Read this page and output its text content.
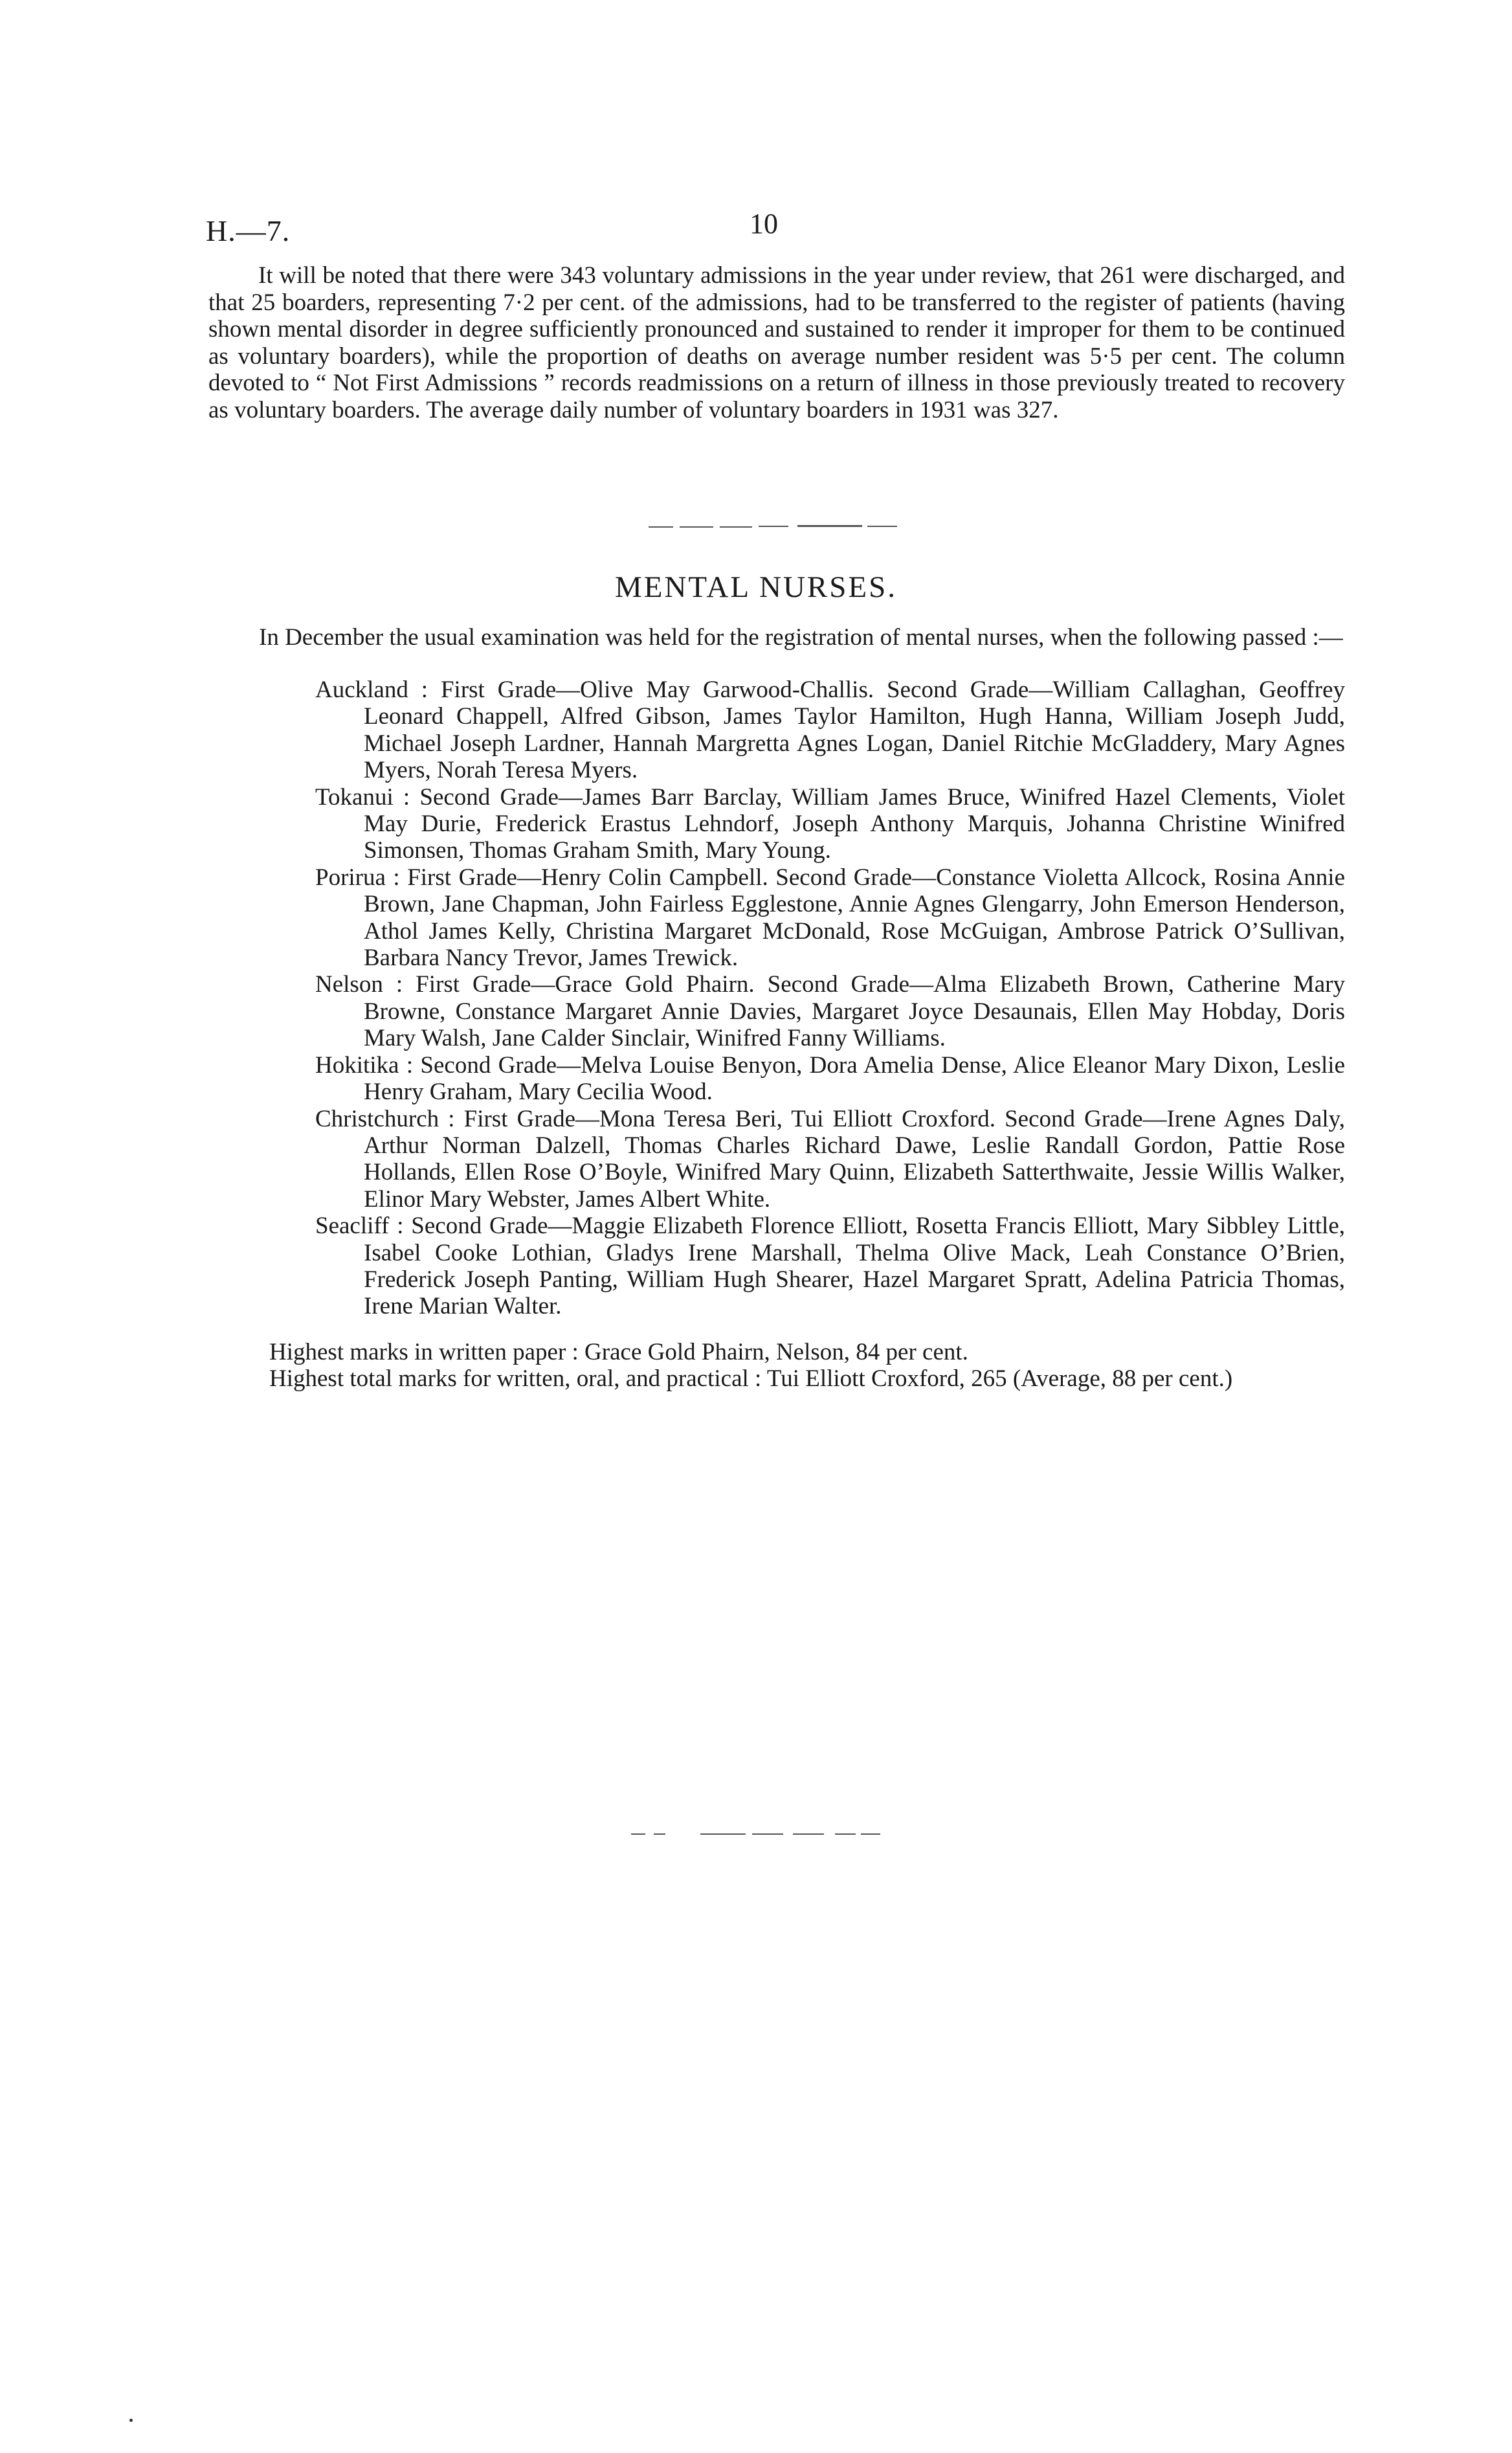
H.—7.	10

It will be noted that there were 343 voluntary admissions in the year under review, that 261 were discharged, and that 25 boarders, representing 7·2 per cent. of the admissions, had to be transferred to the register of patients (having shown mental disorder in degree sufficiently pronounced and sustained to render it improper for them to be continued as voluntary boarders), while the proportion of deaths on average number resident was 5·5 per cent. The column devoted to “ Not First Admissions ” records readmissions on a return of illness in those previously treated to recovery as voluntary boarders. The average daily number of voluntary boarders in 1931 was 327.

MENTAL NURSES.

In December the usual examination was held for the registration of mental nurses, when the following passed :—

Auckland : First Grade—Olive May Garwood-Challis. Second Grade—William Callaghan, Geoffrey Leonard Chappell, Alfred Gibson, James Taylor Hamilton, Hugh Hanna, William Joseph Judd, Michael Joseph Lardner, Hannah Margretta Agnes Logan, Daniel Ritchie McGladdery, Mary Agnes Myers, Norah Teresa Myers.

Tokanui : Second Grade—James Barr Barclay, William James Bruce, Winifred Hazel Clements, Violet May Durie, Frederick Erastus Lehndorf, Joseph Anthony Marquis, Johanna Christine Winifred Simonsen, Thomas Graham Smith, Mary Young.

Porirua : First Grade—Henry Colin Campbell. Second Grade—Constance Violetta Allcock, Rosina Annie Brown, Jane Chapman, John Fairless Egglestone, Annie Agnes Glengarry, John Emerson Henderson, Athol James Kelly, Christina Margaret McDonald, Rose McGuigan, Ambrose Patrick O’Sullivan, Barbara Nancy Trevor, James Trewick.

Nelson : First Grade—Grace Gold Phairn. Second Grade—Alma Elizabeth Brown, Catherine Mary Browne, Constance Margaret Annie Davies, Margaret Joyce Desaunais, Ellen May Hobday, Doris Mary Walsh, Jane Calder Sinclair, Winifred Fanny Williams.

Hokitika : Second Grade—Melva Louise Benyon, Dora Amelia Dense, Alice Eleanor Mary Dixon, Leslie Henry Graham, Mary Cecilia Wood.

Christchurch : First Grade—Mona Teresa Beri, Tui Elliott Croxford. Second Grade—Irene Agnes Daly, Arthur Norman Dalzell, Thomas Charles Richard Dawe, Leslie Randall Gordon, Pattie Rose Hollands, Ellen Rose O’Boyle, Winifred Mary Quinn, Elizabeth Satterthwaite, Jessie Willis Walker, Elinor Mary Webster, James Albert White.

Seacliff : Second Grade—Maggie Elizabeth Florence Elliott, Rosetta Francis Elliott, Mary Sibbley Little, Isabel Cooke Lothian, Gladys Irene Marshall, Thelma Olive Mack, Leah Constance O’Brien, Frederick Joseph Panting, William Hugh Shearer, Hazel Margaret Spratt, Adelina Patricia Thomas, Irene Marian Walter.

Highest marks in written paper : Grace Gold Phairn, Nelson, 84 per cent.

Highest total marks for written, oral, and practical : Tui Elliott Croxford, 265 (Average, 88 per cent.)
